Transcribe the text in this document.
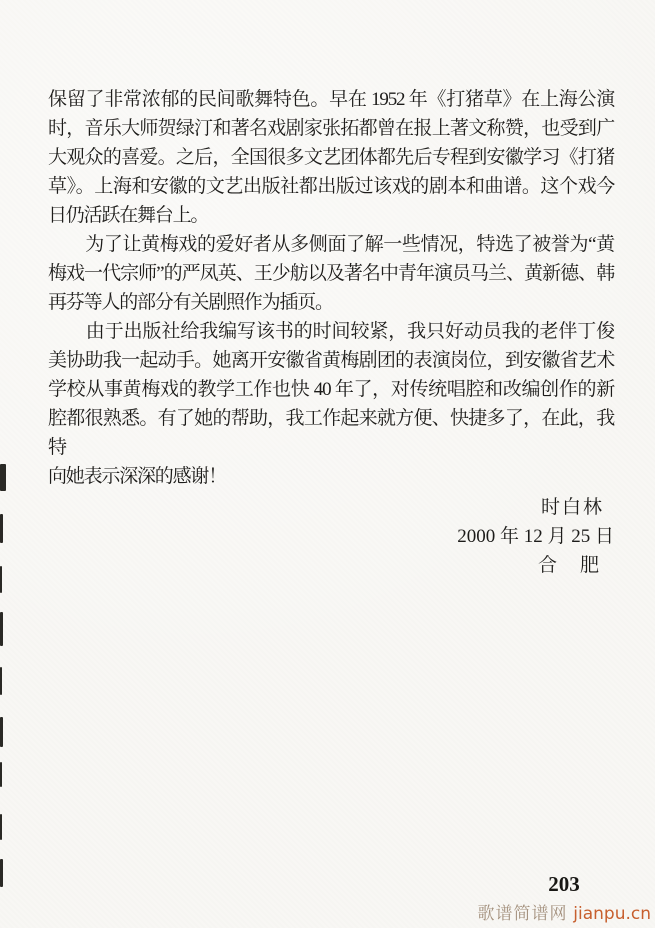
保留了非常浓郁的民间歌舞特色。早在 1952 年《打猪草》在上海公演
时，音乐大师贺绿汀和著名戏剧家张拓都曾在报上著文称赞，也受到广
大观众的喜爱。之后，全国很多文艺团体都先后专程到安徽学习《打猪
草》。上海和安徽的文艺出版社都出版过该戏的剧本和曲谱。这个戏今
日仍活跃在舞台上。
　　为了让黄梅戏的爱好者从多侧面了解一些情况，特选了被誉为“黄
梅戏一代宗师”的严凤英、王少舫以及著名中青年演员马兰、黄新德、韩
再芬等人的部分有关剧照作为插页。
　　由于出版社给我编写该书的时间较紧，我只好动员我的老伴丁俊
美协助我一起动手。她离开安徽省黄梅剧团的表演岗位，到安徽省艺术
学校从事黄梅戏的教学工作也快 40 年了，对传统唱腔和改编创作的新
腔都很熟悉。有了她的帮助，我工作起来就方便、快捷多了，在此，我特
向她表示深深的感谢！
时白林
2000 年 12 月 25 日
合　肥
203
歌谱简谱网 jianpu.cn
